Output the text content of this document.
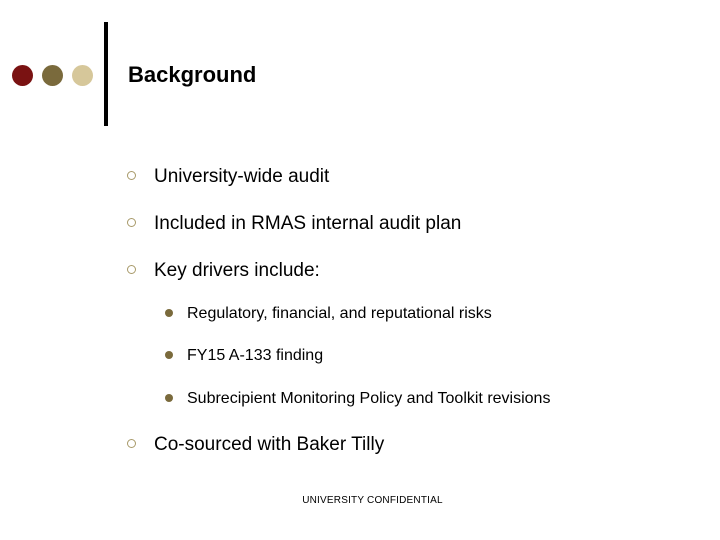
Background
University-wide audit
Included in RMAS internal audit plan
Key drivers include:
Regulatory, financial, and reputational risks
FY15 A-133 finding
Subrecipient Monitoring Policy and Toolkit revisions
Co-sourced with Baker Tilly
UNIVERSITY CONFIDENTIAL
